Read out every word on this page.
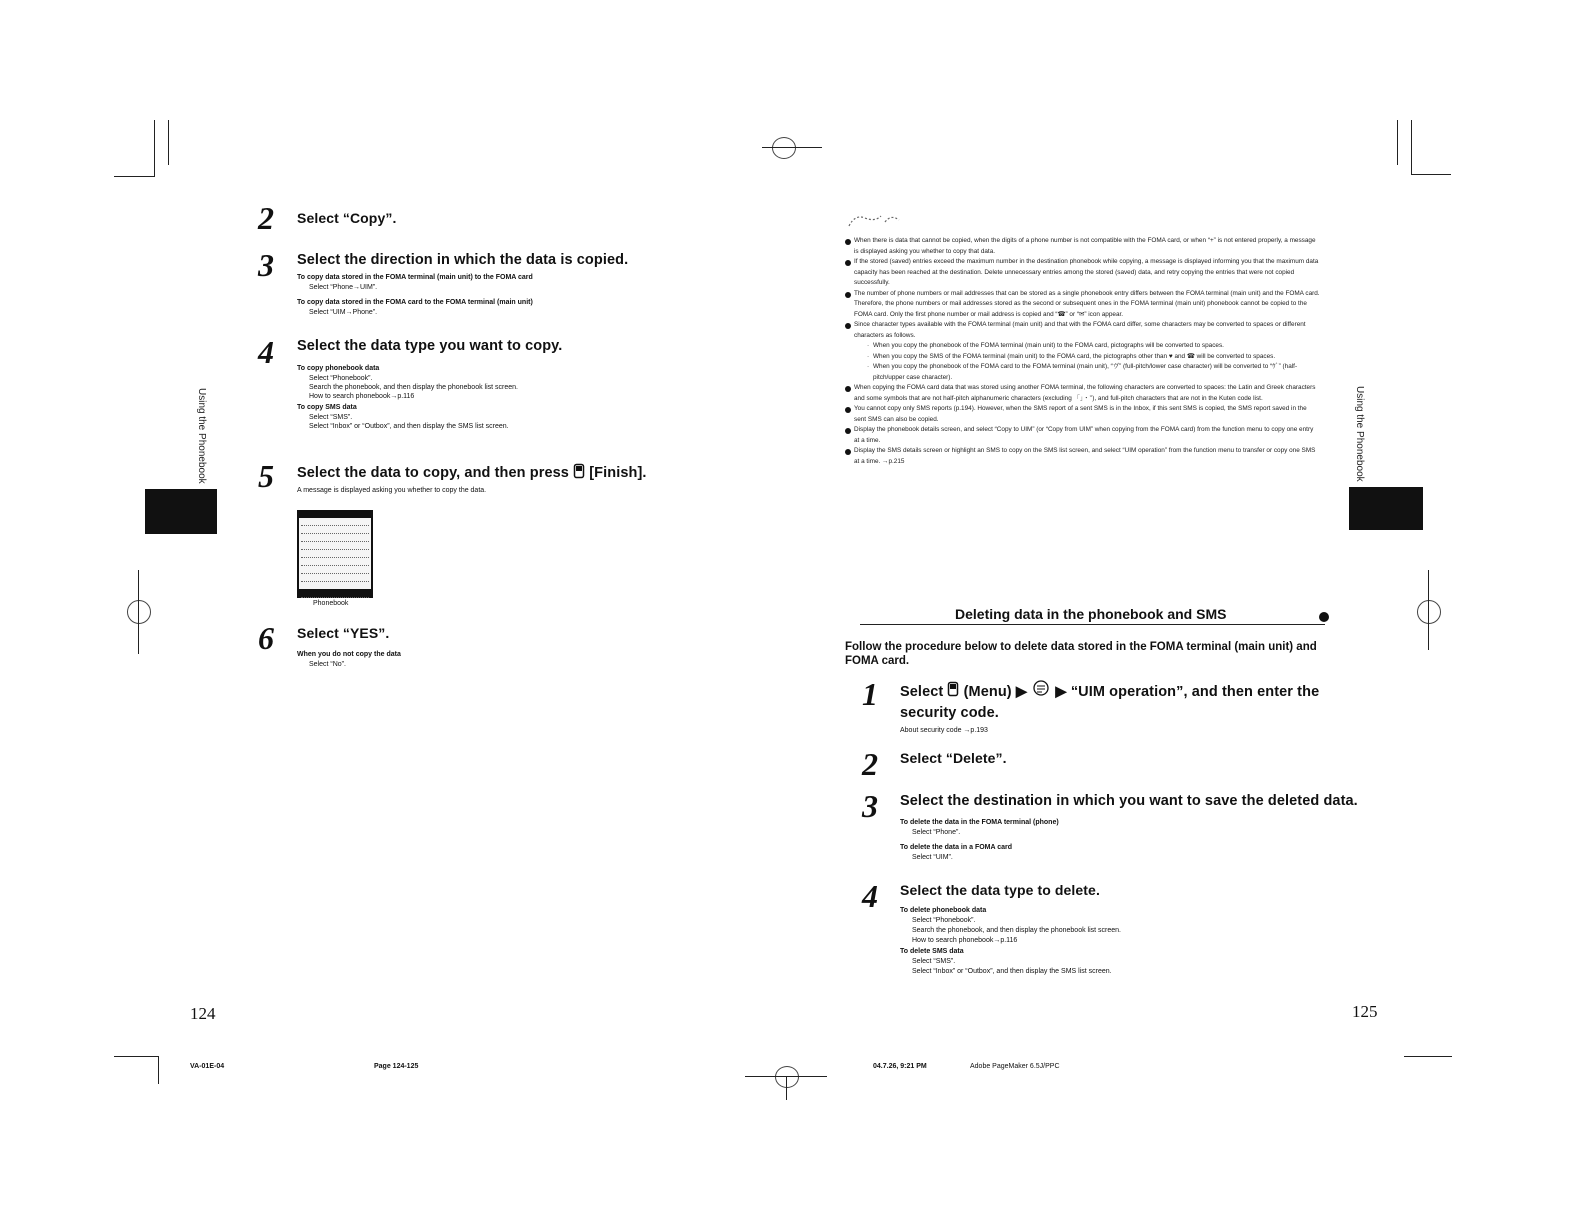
Using the Phonebook
2 Select “Copy”.
3 Select the direction in which the data is copied.
To copy data stored in the FOMA terminal (main unit) to the FOMA card
Select “Phone→UIM”.
To copy data stored in the FOMA card to the FOMA terminal (main unit)
Select “UIM→Phone”.
4 Select the data type you want to copy.
To copy phonebook data
Select “Phonebook”.
Search the phonebook, and then display the phonebook list screen.
How to search phonebook→p.116
To copy SMS data
Select “SMS”.
Select “Inbox” or “Outbox”, and then display the SMS list screen.
5 Select the data to copy, and then press [Finish].
A message is displayed asking you whether to copy the data.
Phonebook
6 Select “YES”.
When you do not copy the data
Select “No”.
124
VA-01E-04	Page 124-125
When there is data that cannot be copied, when the digits of a phone number is not compatible with the FOMA card, or when “+” is not entered properly, a message is displayed asking you whether to copy that data.
If the stored (saved) entries exceed the maximum number in the destination phonebook while copying, a message is displayed informing you that the maximum data capacity has been reached at the destination. Delete unnecessary entries among the stored (saved) data, and retry copying the entries that were not copied successfully.
The number of phone numbers or mail addresses that can be stored as a single phonebook entry differs between the FOMA terminal (main unit) and the FOMA card. Therefore, the phone numbers or mail addresses stored as the second or subsequent ones in the FOMA terminal (main unit) phonebook cannot be copied to the FOMA card. Only the first phone number or mail address is copied and “☎” or “✉” icon appear.
Since character types available with the FOMA terminal (main unit) and that with the FOMA card differ, some characters may be converted to spaces or different characters as follows.
· When you copy the phonebook of the FOMA terminal (main unit) to the FOMA card, pictographs will be converted to spaces.
· When you copy the SMS of the FOMA terminal (main unit) to the FOMA card, the pictographs other than ♥ and ☎ will be converted to spaces.
· When you copy the phonebook of the FOMA card to the FOMA terminal (main unit), “ヴ” (full-pitch/lower case character) will be converted to “ｳﾞ” (half-pitch/upper case character).
When copying the FOMA card data that was stored using another FOMA terminal, the following characters are converted to spaces: the Latin and Greek characters and some symbols that are not half-pitch alphanumeric characters (excluding 「」・’’), and full-pitch characters that are not in the Kuten code list.
You cannot copy only SMS reports (p.194). However, when the SMS report of a sent SMS is in the Inbox, if this sent SMS is copied, the SMS report saved in the sent SMS can also be copied.
Display the phonebook details screen, and select “Copy to UIM” (or “Copy from UIM” when copying from the FOMA card) from the function menu to copy one entry at a time.
Display the SMS details screen or highlight an SMS to copy on the SMS list screen, and select “UIM operation” from the function menu to transfer or copy one SMS at a time. →p.215
Deleting data in the phonebook and SMS
Follow the procedure below to delete data stored in the FOMA terminal (main unit) and FOMA card.
1 Select (Menu) ▶ ▶ “UIM operation”, and then enter the security code.
About security code →p.193
2 Select “Delete”.
3 Select the destination in which you want to save the deleted data.
To delete the data in the FOMA terminal (phone)
Select “Phone”.
To delete the data in a FOMA card
Select “UIM”.
4 Select the data type to delete.
To delete phonebook data
Select “Phonebook”.
Search the phonebook, and then display the phonebook list screen.
How to search phonebook→p.116
To delete SMS data
Select “SMS”.
Select “Inbox” or “Outbox”, and then display the SMS list screen.
Using the Phonebook
125
04.7.26, 9:21 PM	Adobe PageMaker 6.5J/PPC
